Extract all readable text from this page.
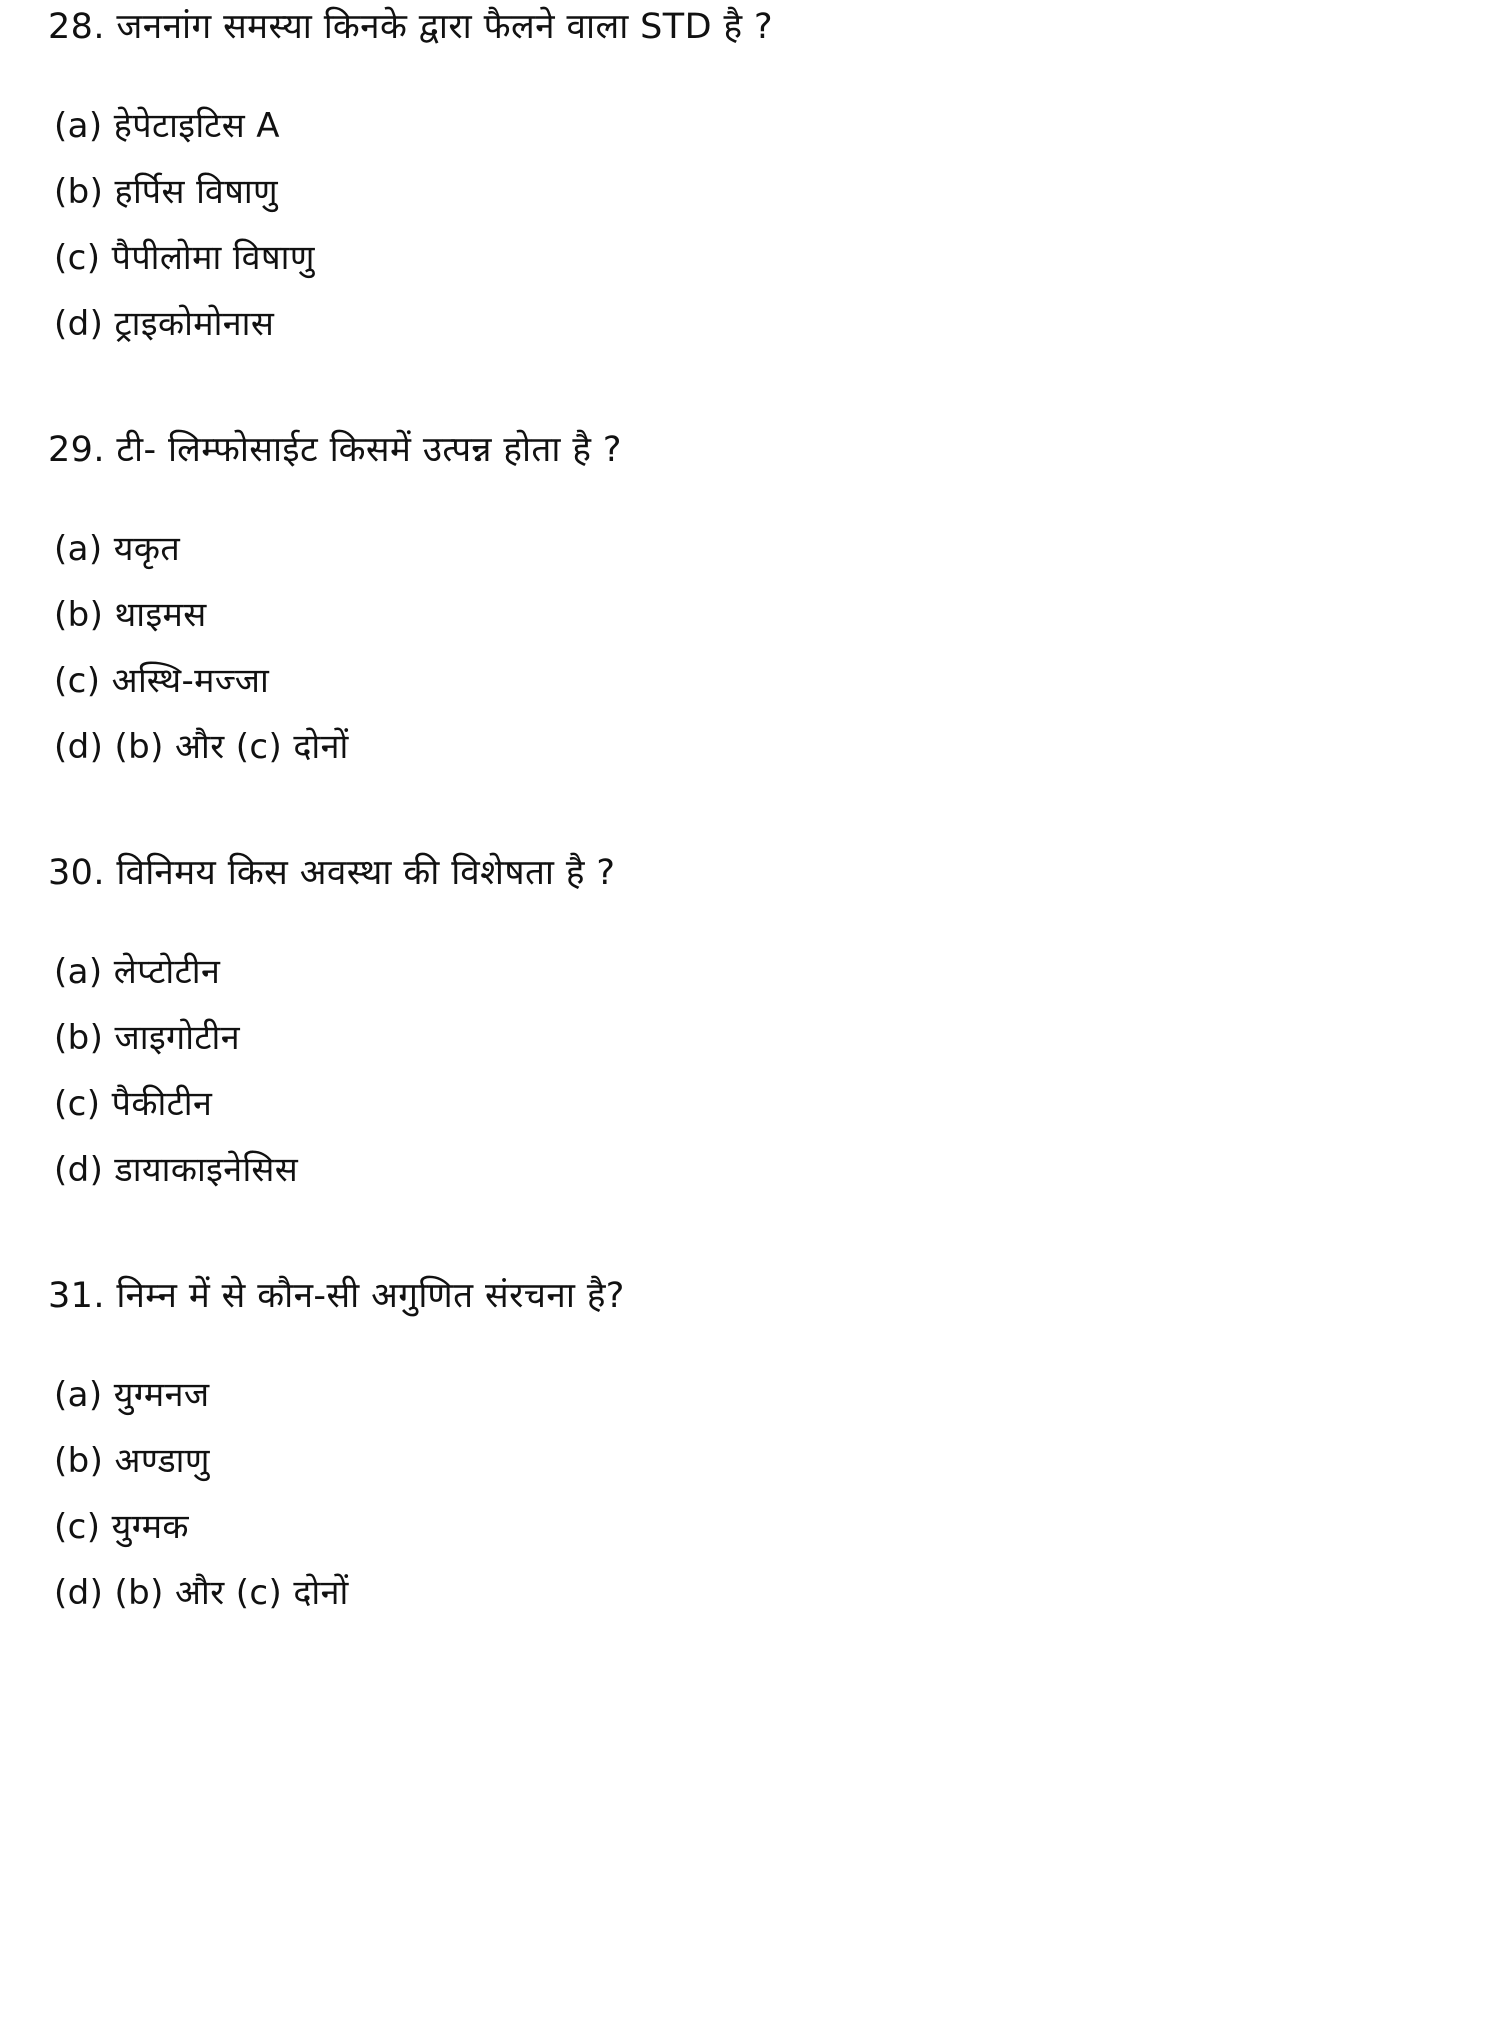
28. जननांग समस्या किनके द्वारा फैलने वाला STD है ?
(a) हेपेटाइटिस A
(b) हर्पिस विषाणु
(c) पैपीलोमा विषाणु
(d) ट्राइकोमोनास
29. टी- लिम्फोसाईट किसमें उत्पन्न होता है ?
(a) यकृत
(b) थाइमस
(c) अस्थि-मज्जा
(d) (b) और (c) दोनों
30. विनिमय किस अवस्था की विशेषता है ?
(a) लेप्टोटीन
(b) जाइगोटीन
(c) पैकीटीन
(d) डायाकाइनेसिस
31. निम्न में से कौन-सी अगुणित संरचना है?
(a) युग्मनज
(b) अण्डाणु
(c) युग्मक
(d) (b) और (c) दोनों
